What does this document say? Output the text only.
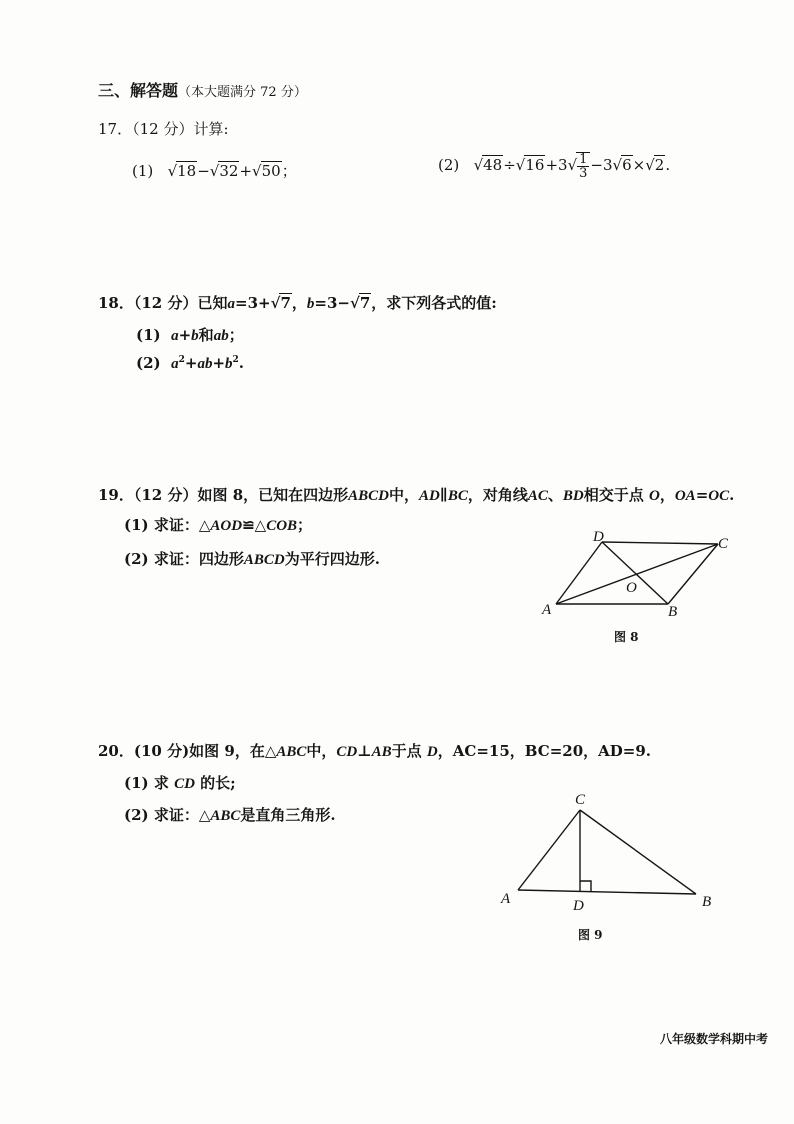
三、解答题（本大题满分 72 分）
17．（12 分）计算:
(1) √18−√32+√50；	(2) $√48\div√16+3√ \frac{1}{3} -3√6\times√2$.
18．（12 分）已知a=3+√7，b=3−√7，求下列各式的值:
(1) a+b和ab；
(2) $a^2+ab+b^2$.
19．（12 分）如图 8，已知在四边形ABCD中，AD∥BC，对角线AC、BD相交于点 O，OA=OC.
(1) 求证：△AOD≌△COB；
(2) 求证：四边形ABCD为平行四边形.
D	C
A	B
O
图 8
20．(10 分)如图 9，在△ABC中，CD⊥AB于点 D，AC=15，BC=20，AD=9.
(1) 求 CD 的长;
(2) 求证：△ABC是直角三角形.
C
A	D	B
图 9
八年级数学科期中考
